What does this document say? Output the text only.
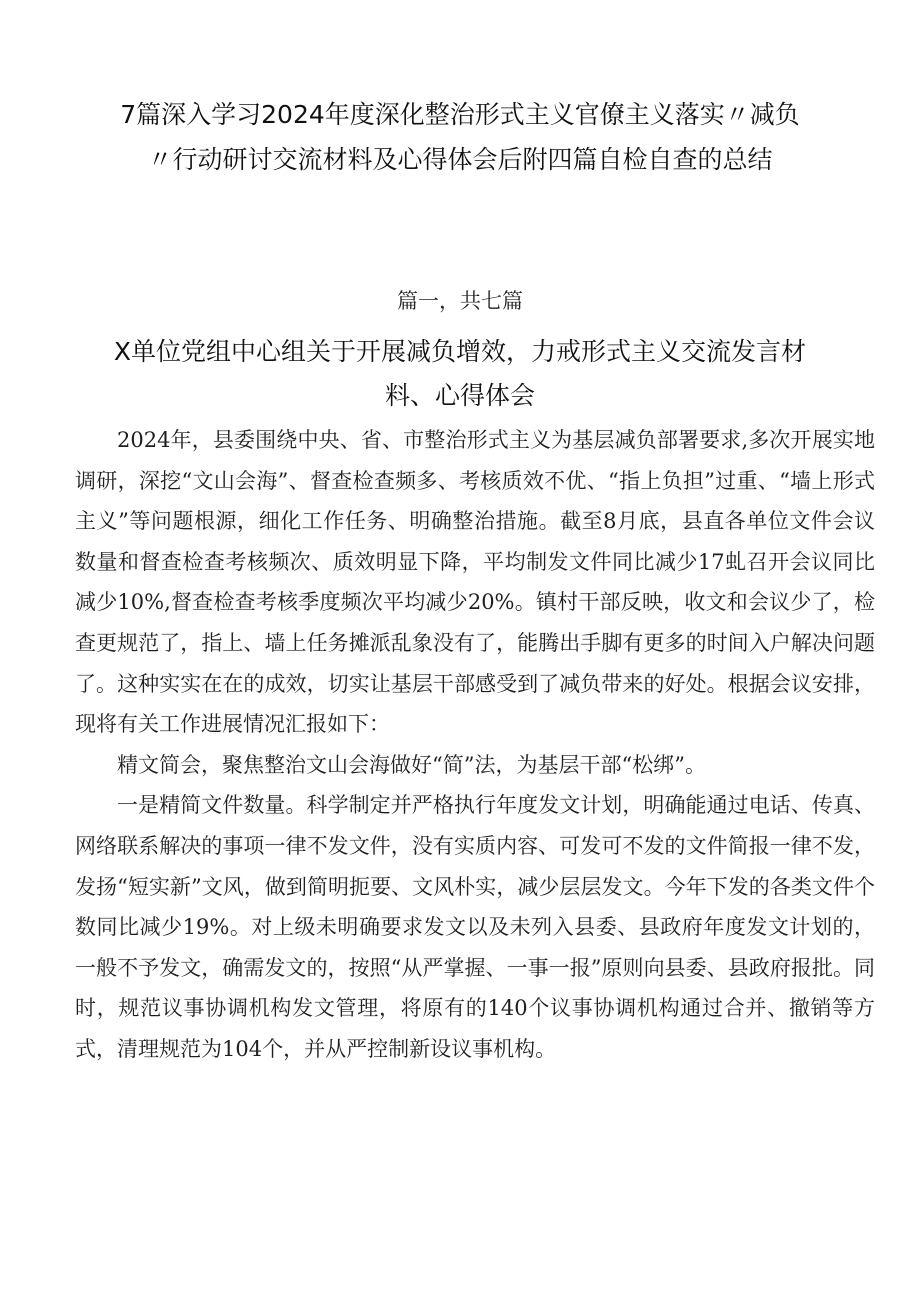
7篇深入学习2024年度深化整治形式主义官僚主义落实〃减负〃行动研讨交流材料及心得体会后附四篇自检自查的总结
篇一，共七篇
X单位党组中心组关于开展减负增效，力戒形式主义交流发言材料、心得体会

2024年，县委围绕中央、省、市整治形式主义为基层减负部署要求,多次开展实地调研，深挖“文山会海”、督查检查频多、考核质效不优、“指上负担”过重、“墙上形式主义”等问题根源，细化工作任务、明确整治措施。截至8月底，县直各单位文件会议数量和督查检查考核频次、质效明显下降，平均制发文件同比减少17虬召开会议同比减少10%,督查检查考核季度频次平均减少20%。镇村干部反映，收文和会议少了，检查更规范了，指上、墙上任务摊派乱象没有了，能腾出手脚有更多的时间入户解决问题了。这种实实在在的成效，切实让基层干部感受到了减负带来的好处。根据会议安排，现将有关工作进展情况汇报如下：

精文简会，聚焦整治文山会海做好“简”法，为基层干部“松绑”。

一是精简文件数量。科学制定并严格执行年度发文计划，明确能通过电话、传真、网络联系解决的事项一律不发文件，没有实质内容、可发可不发的文件简报一律不发，发扬“短实新”文风，做到简明扼要、文风朴实，减少层层发文。今年下发的各类文件个数同比减少19%。对上级未明确要求发文以及未列入县委、县政府年度发文计划的，一般不予发文，确需发文的，按照“从严掌握、一事一报”原则向县委、县政府报批。同时，规范议事协调机构发文管理，将原有的140个议事协调机构通过合并、撤销等方式，清理规范为104个，并从严控制新设议事机构。
